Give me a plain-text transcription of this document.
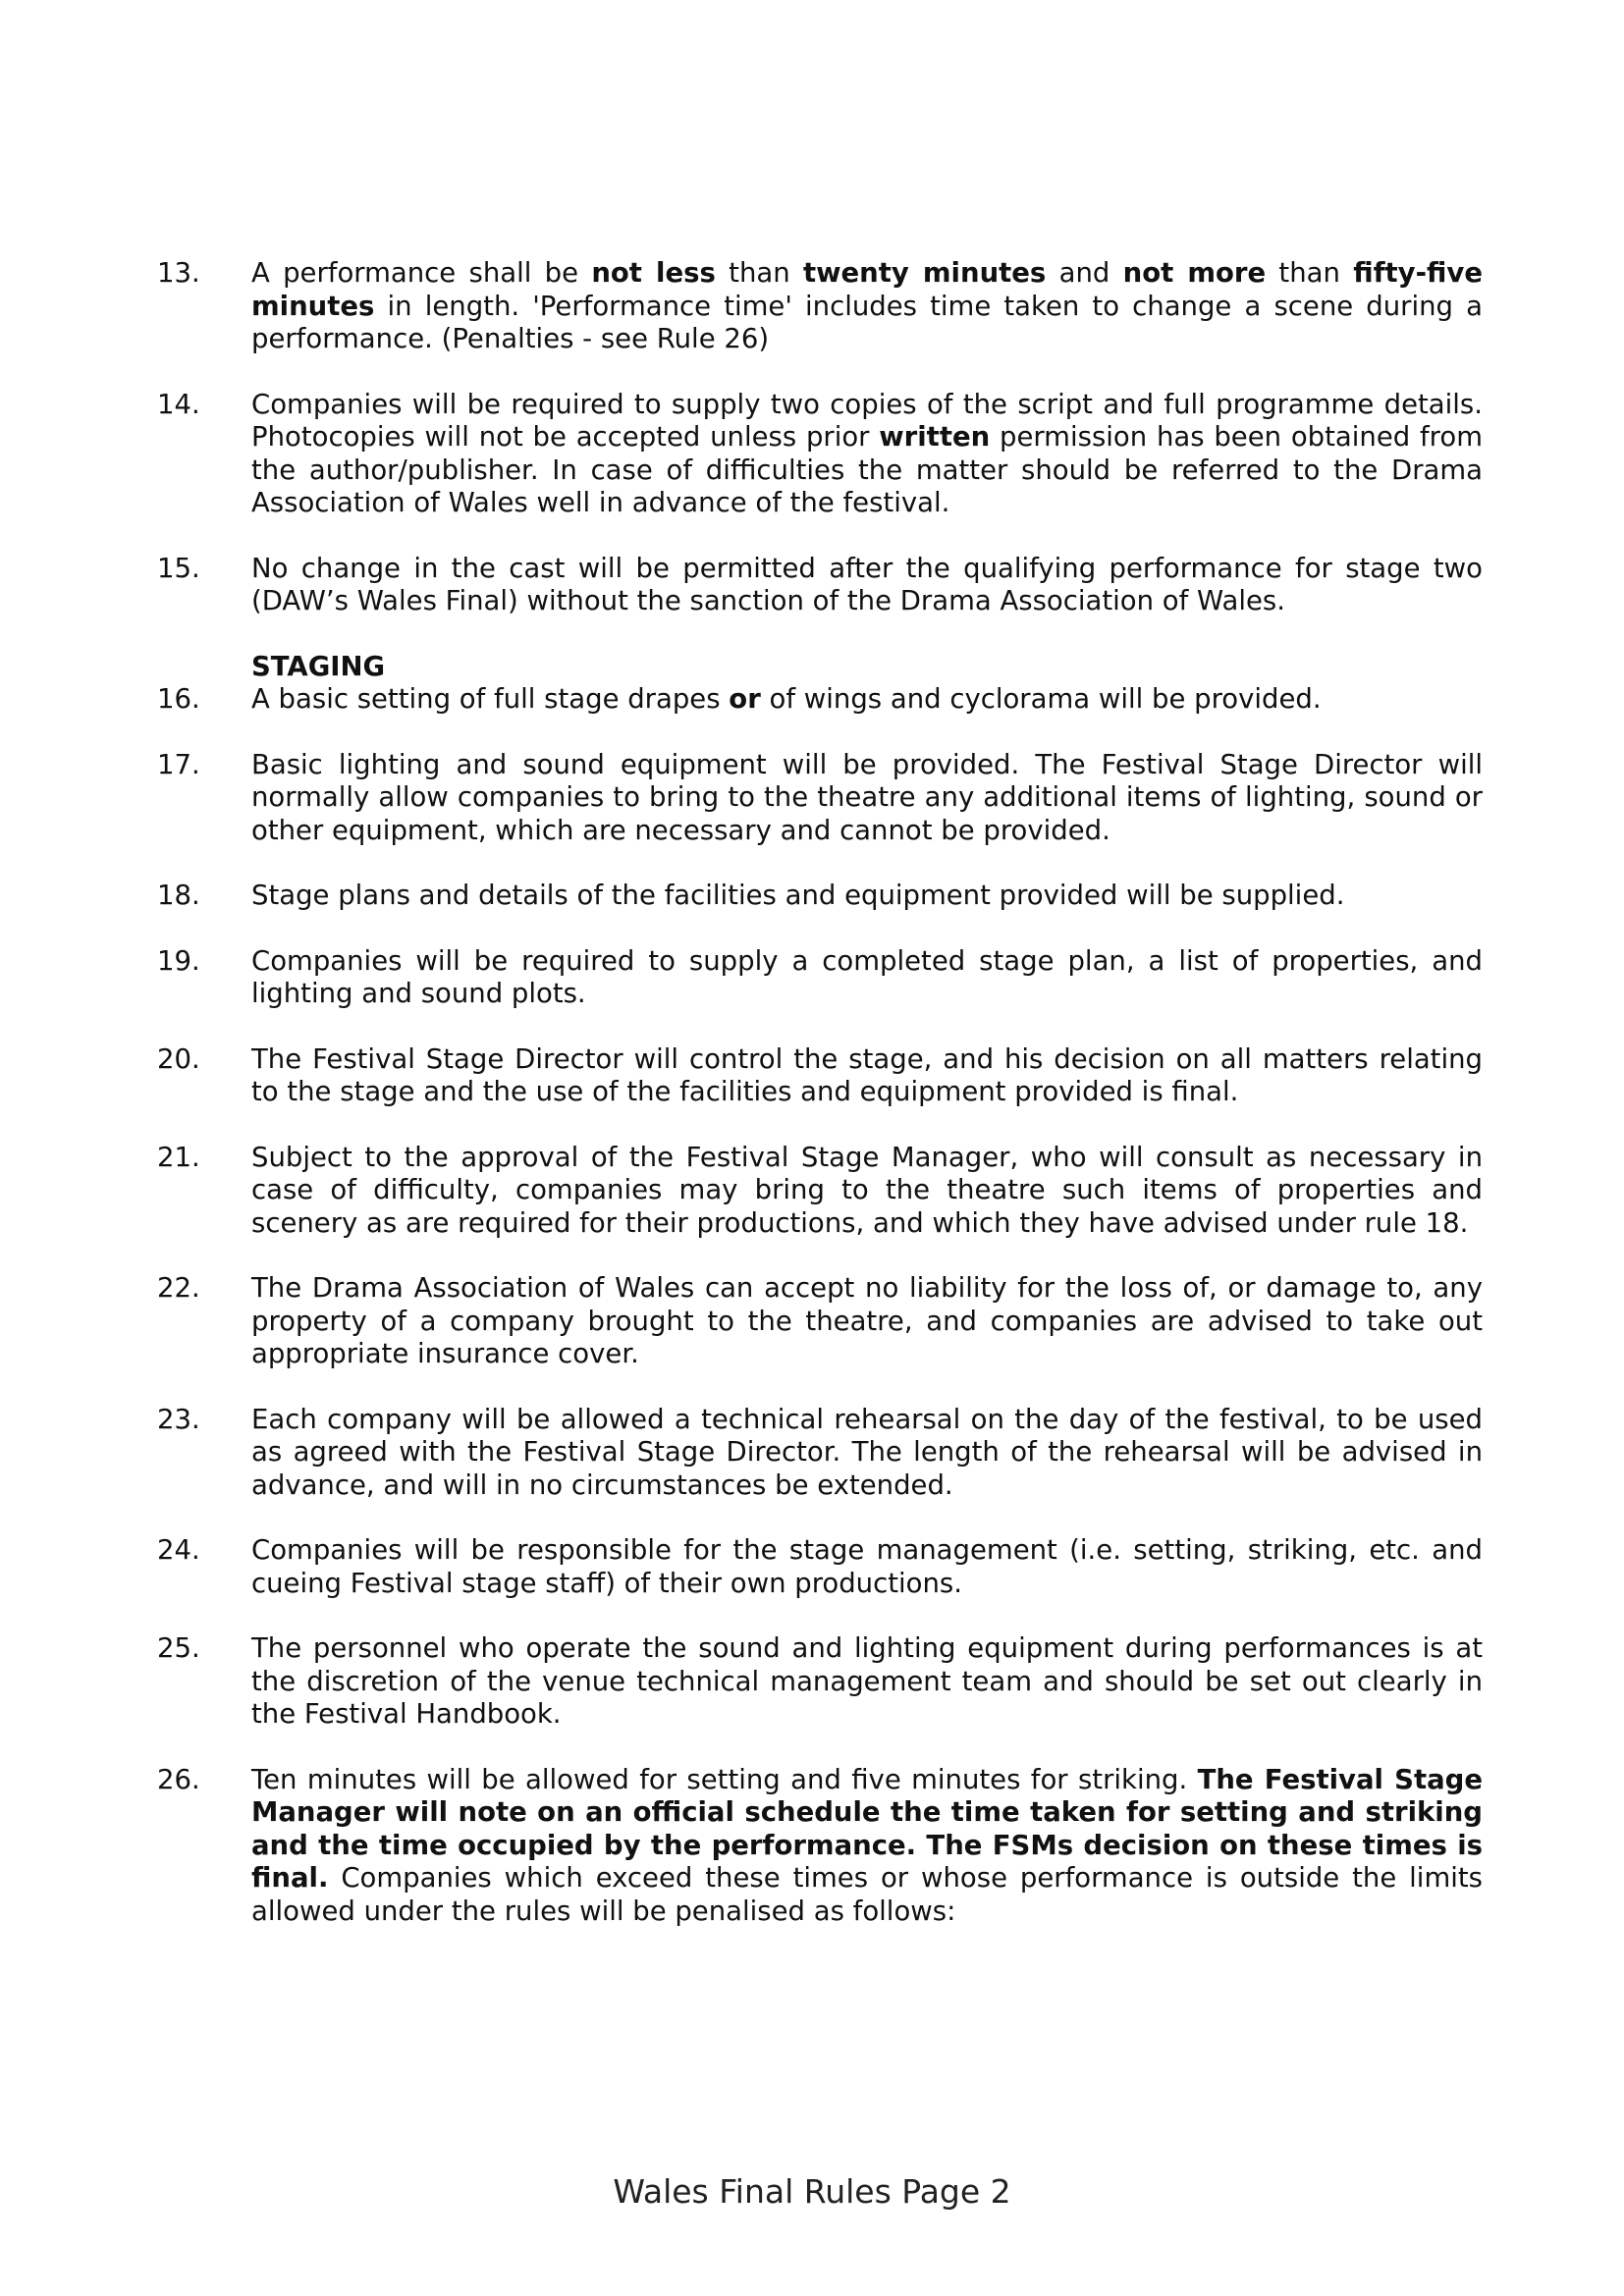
13.	A performance shall be not less than twenty minutes and not more than fifty-five minutes in length. 'Performance time' includes time taken to change a scene during a performance. (Penalties - see Rule 26)
14.	Companies will be required to supply two copies of the script and full programme details. Photocopies will not be accepted unless prior written permission has been obtained from the author/publisher. In case of difficulties the matter should be referred to the Drama Association of Wales well in advance of the festival.
15.	No change in the cast will be permitted after the qualifying performance for stage two (DAW’s Wales Final) without the sanction of the Drama Association of Wales.
STAGING
16.	A basic setting of full stage drapes or of wings and cyclorama will be provided.
17.	Basic lighting and sound equipment will be provided. The Festival Stage Director will normally allow companies to bring to the theatre any additional items of lighting, sound or other equipment, which are necessary and cannot be provided.
18.	Stage plans and details of the facilities and equipment provided will be supplied.
19.	Companies will be required to supply a completed stage plan, a list of properties, and lighting and sound plots.
20.	The Festival Stage Director will control the stage, and his decision on all matters relating to the stage and the use of the facilities and equipment provided is final.
21.	Subject to the approval of the Festival Stage Manager, who will consult as necessary in case of difficulty, companies may bring to the theatre such items of properties and scenery as are required for their productions, and which they have advised under rule 18.
22.	The Drama Association of Wales can accept no liability for the loss of, or damage to, any property of a company brought to the theatre, and companies are advised to take out appropriate insurance cover.
23.	Each company will be allowed a technical rehearsal on the day of the festival, to be used as agreed with the Festival Stage Director. The length of the rehearsal will be advised in advance, and will in no circumstances be extended.
24.	Companies will be responsible for the stage management (i.e. setting, striking, etc. and cueing Festival stage staff) of their own productions.
25.	The personnel who operate the sound and lighting equipment during performances is at the discretion of the venue technical management team and should be set out clearly in the Festival Handbook.
26.	Ten minutes will be allowed for setting and five minutes for striking. The Festival Stage Manager will note on an official schedule the time taken for setting and striking and the time occupied by the performance. The FSMs decision on these times is final. Companies which exceed these times or whose performance is outside the limits allowed under the rules will be penalised as follows:
Wales Final Rules Page 2
